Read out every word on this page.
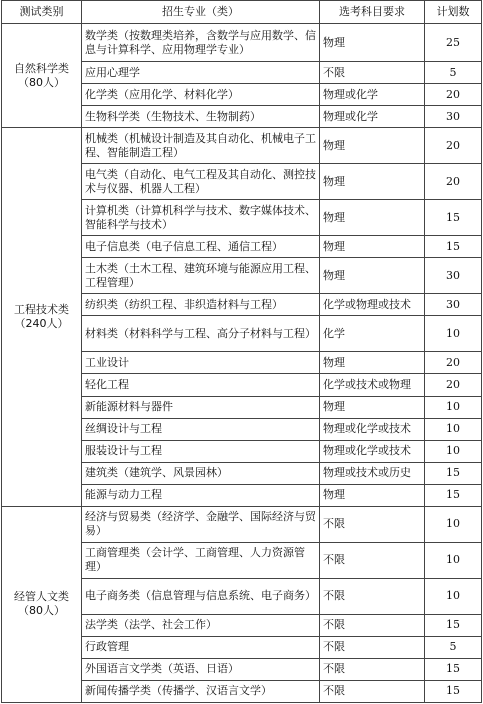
测试类别	招生专业（类）	选考科目要求	计划数

自然科学类
（80人）	数学类（按数理类培养，含数学与应用数学、信息与计算科学、应用物理学专业）	物理	25
	应用心理学	不限	5
	化学类（应用化学、材料化学）	物理或化学	20
	生物科学类（生物技术、生物制药）	物理或化学	30

工程技术类
（240人）	机械类（机械设计制造及其自动化、机械电子工程、智能制造工程）	物理	20
	电气类（自动化、电气工程及其自动化、测控技术与仪器、机器人工程）	物理	20
	计算机类（计算机科学与技术、数字媒体技术、智能科学与技术）	物理	15
	电子信息类（电子信息工程、通信工程）	物理	15
	土木类（土木工程、建筑环境与能源应用工程、工程管理）	物理	30
	纺织类（纺织工程、非织造材料与工程）	化学或物理或技术	30
	材料类（材料科学与工程、高分子材料与工程）	化学	10
	工业设计	物理	20
	轻化工程	化学或技术或物理	20
	新能源材料与器件	物理	10
	丝绸设计与工程	物理或化学或技术	10
	服装设计与工程	物理或化学或技术	10
	建筑类（建筑学、风景园林）	物理或技术或历史	15
	能源与动力工程	物理	15

经管人文类
（80人）	经济与贸易类（经济学、金融学、国际经济与贸易）	不限	10
	工商管理类（会计学、工商管理、人力资源管理）	不限	10
	电子商务类（信息管理与信息系统、电子商务）	不限	10
	法学类（法学、社会工作）	不限	15
	行政管理	不限	5
	外国语言文学类（英语、日语）	不限	15
	新闻传播学类（传播学、汉语言文学）	不限	15
